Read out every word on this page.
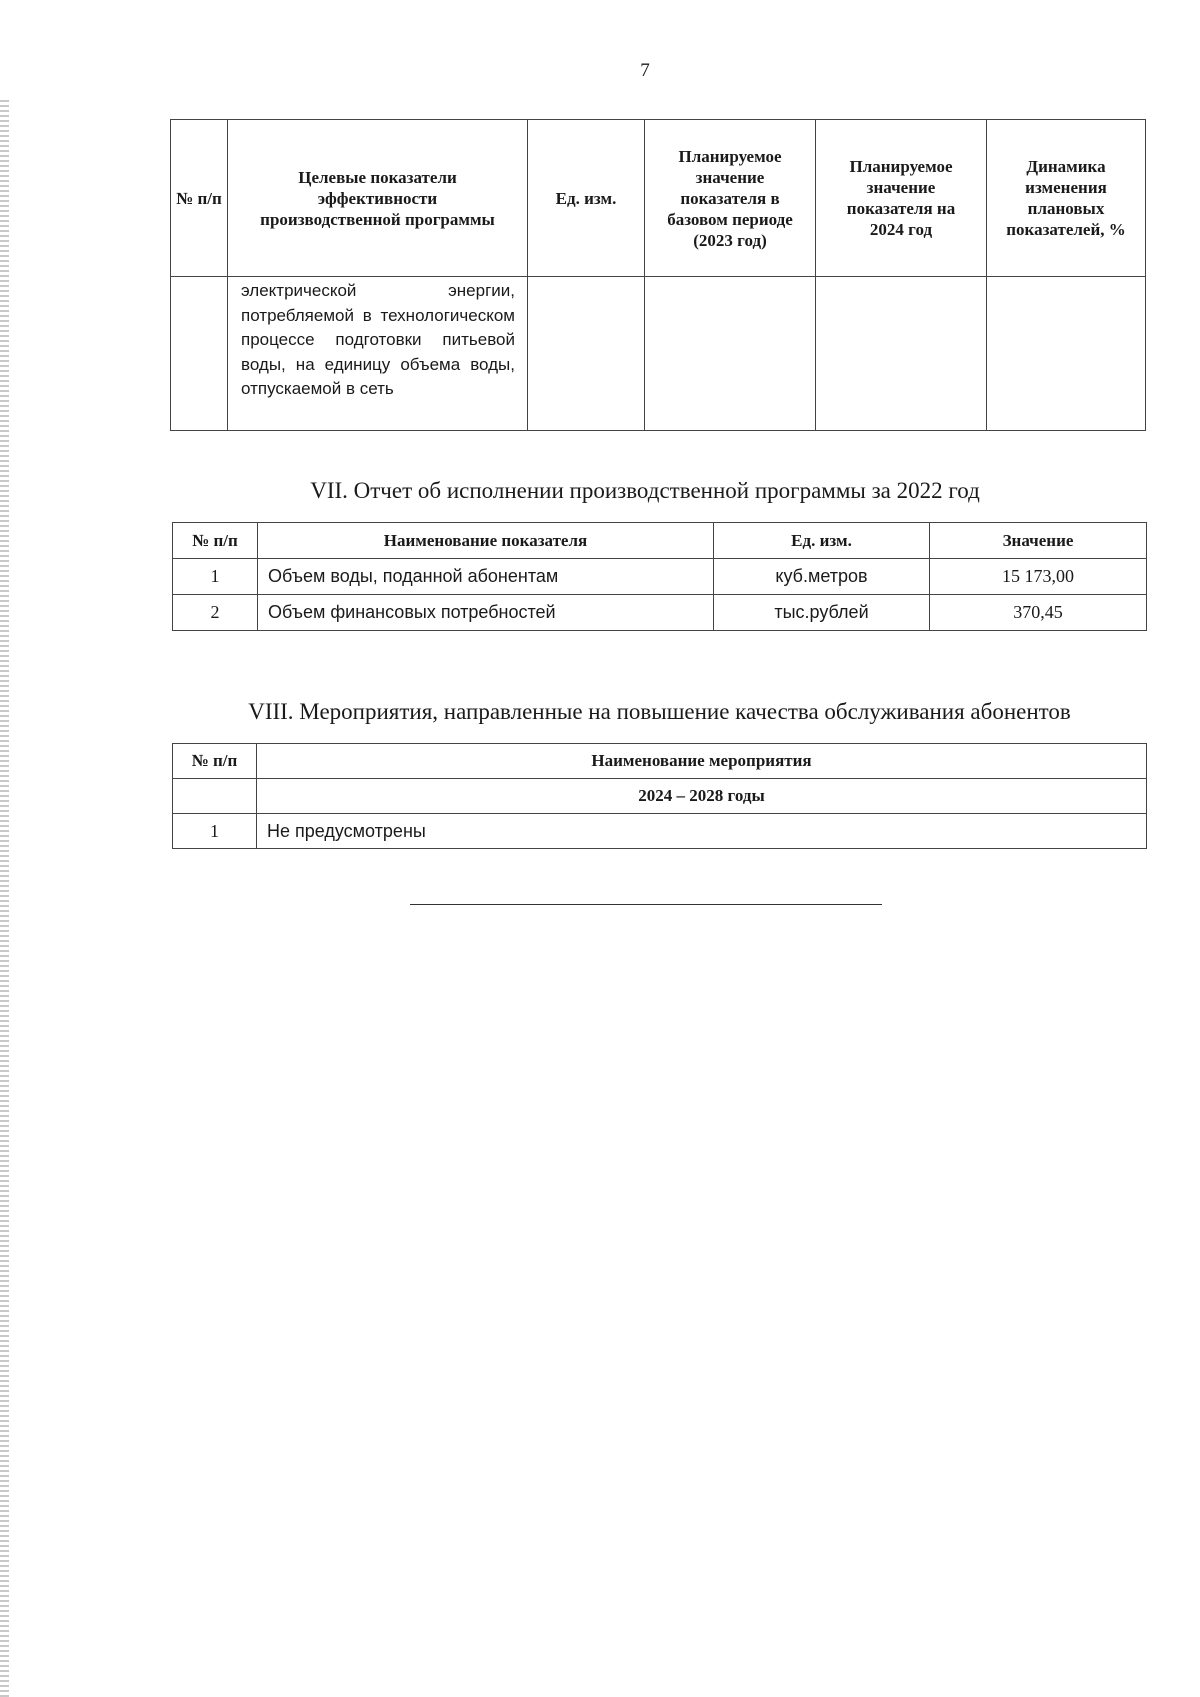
7
№ п/п	Целевые показатели эффективности производственной программы	Ед. изм.	Планируемое значение показателя в базовом периоде (2023 год)	Планируемое значение показателя на 2024 год	Динамика изменения плановых показателей, %

	электрической энергии, потребляемой в технологическом процессе подготовки питьевой воды, на единицу объема воды, отпускаемой в сеть				

VII. Отчет об исполнении производственной программы за 2022 год
№ п/п	Наименование показателя	Ед. изм.	Значение
1	Объем воды, поданной абонентам	куб.метров	15 173,00
2	Объем финансовых потребностей	тыс.рублей	370,45
VIII. Мероприятия, направленные на повышение качества обслуживания абонентов
№ п/п	Наименование мероприятия
	2024 – 2028 годы
1	Не предусмотрены
